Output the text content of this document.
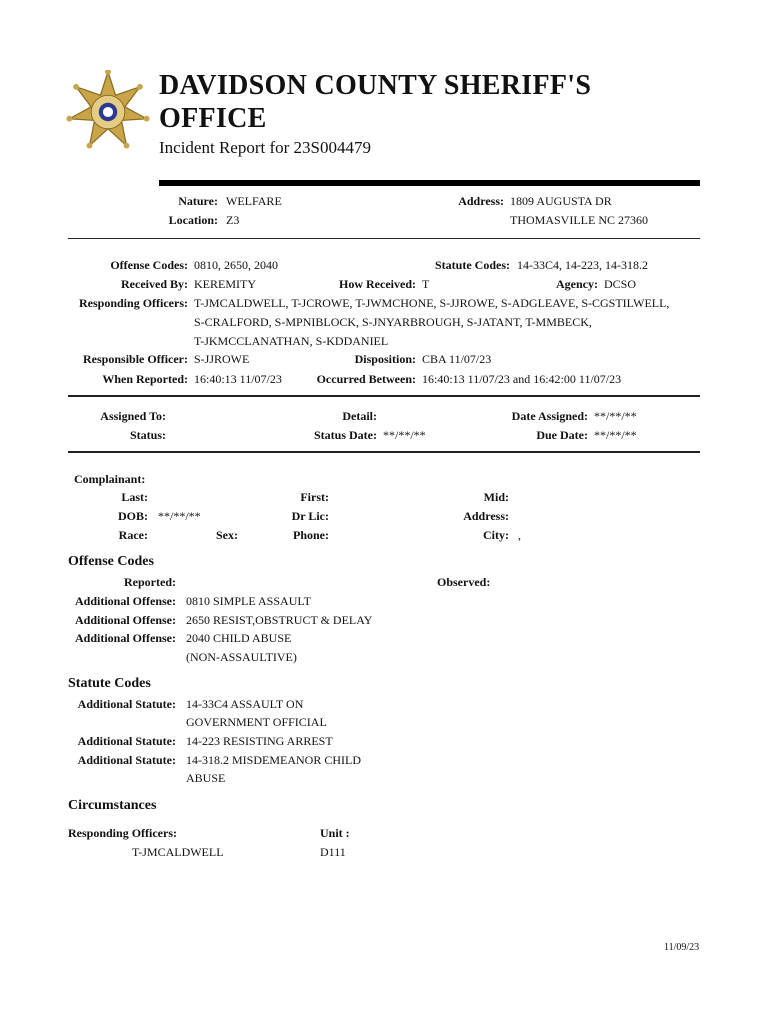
DAVIDSON COUNTY SHERIFF'S
OFFICE
Incident Report for 23S004479
Nature: WELFARE
Location: Z3
Address: 1809 AUGUSTA DR
THOMASVILLE NC 27360
Offense Codes: 0810, 2650, 2040	Statute Codes: 14-33C4, 14-223, 14-318.2
Received By: KEREMITY	How Received: T	Agency: DCSO
Responding Officers: T-JMCALDWELL, T-JCROWE, T-JWMCHONE, S-JJROWE, S-ADGLEAVE, S-CGSTILWELL,
S-CRALFORD, S-MPNIBLOCK, S-JNYARBROUGH, S-JATANT, T-MMBECK,
T-JKMCCLANATHAN, S-KDDANIEL
Responsible Officer: S-JJROWE	Disposition: CBA 11/07/23
When Reported: 16:40:13 11/07/23	Occurred Between: 16:40:13 11/07/23 and 16:42:00 11/07/23
Assigned To:	Detail:	Date Assigned: **/**/**
Status:	Status Date: **/**/**	Due Date: **/**/**
Complainant:
Last:	First:	Mid:
DOB: **/**/**	Dr Lic:	Address:
Race:	Sex:	Phone:	City: ,
Offense Codes
Reported:	Observed:
Additional Offense: 0810 SIMPLE ASSAULT
Additional Offense: 2650 RESIST,OBSTRUCT & DELAY
Additional Offense: 2040 CHILD ABUSE
(NON-ASSAULTIVE)
Statute Codes
Additional Statute: 14-33C4 ASSAULT ON
GOVERNMENT OFFICIAL
Additional Statute: 14-223 RESISTING ARREST
Additional Statute: 14-318.2 MISDEMEANOR CHILD
ABUSE
Circumstances
Responding Officers:	Unit :
T-JMCALDWELL	D111
11/09/23
